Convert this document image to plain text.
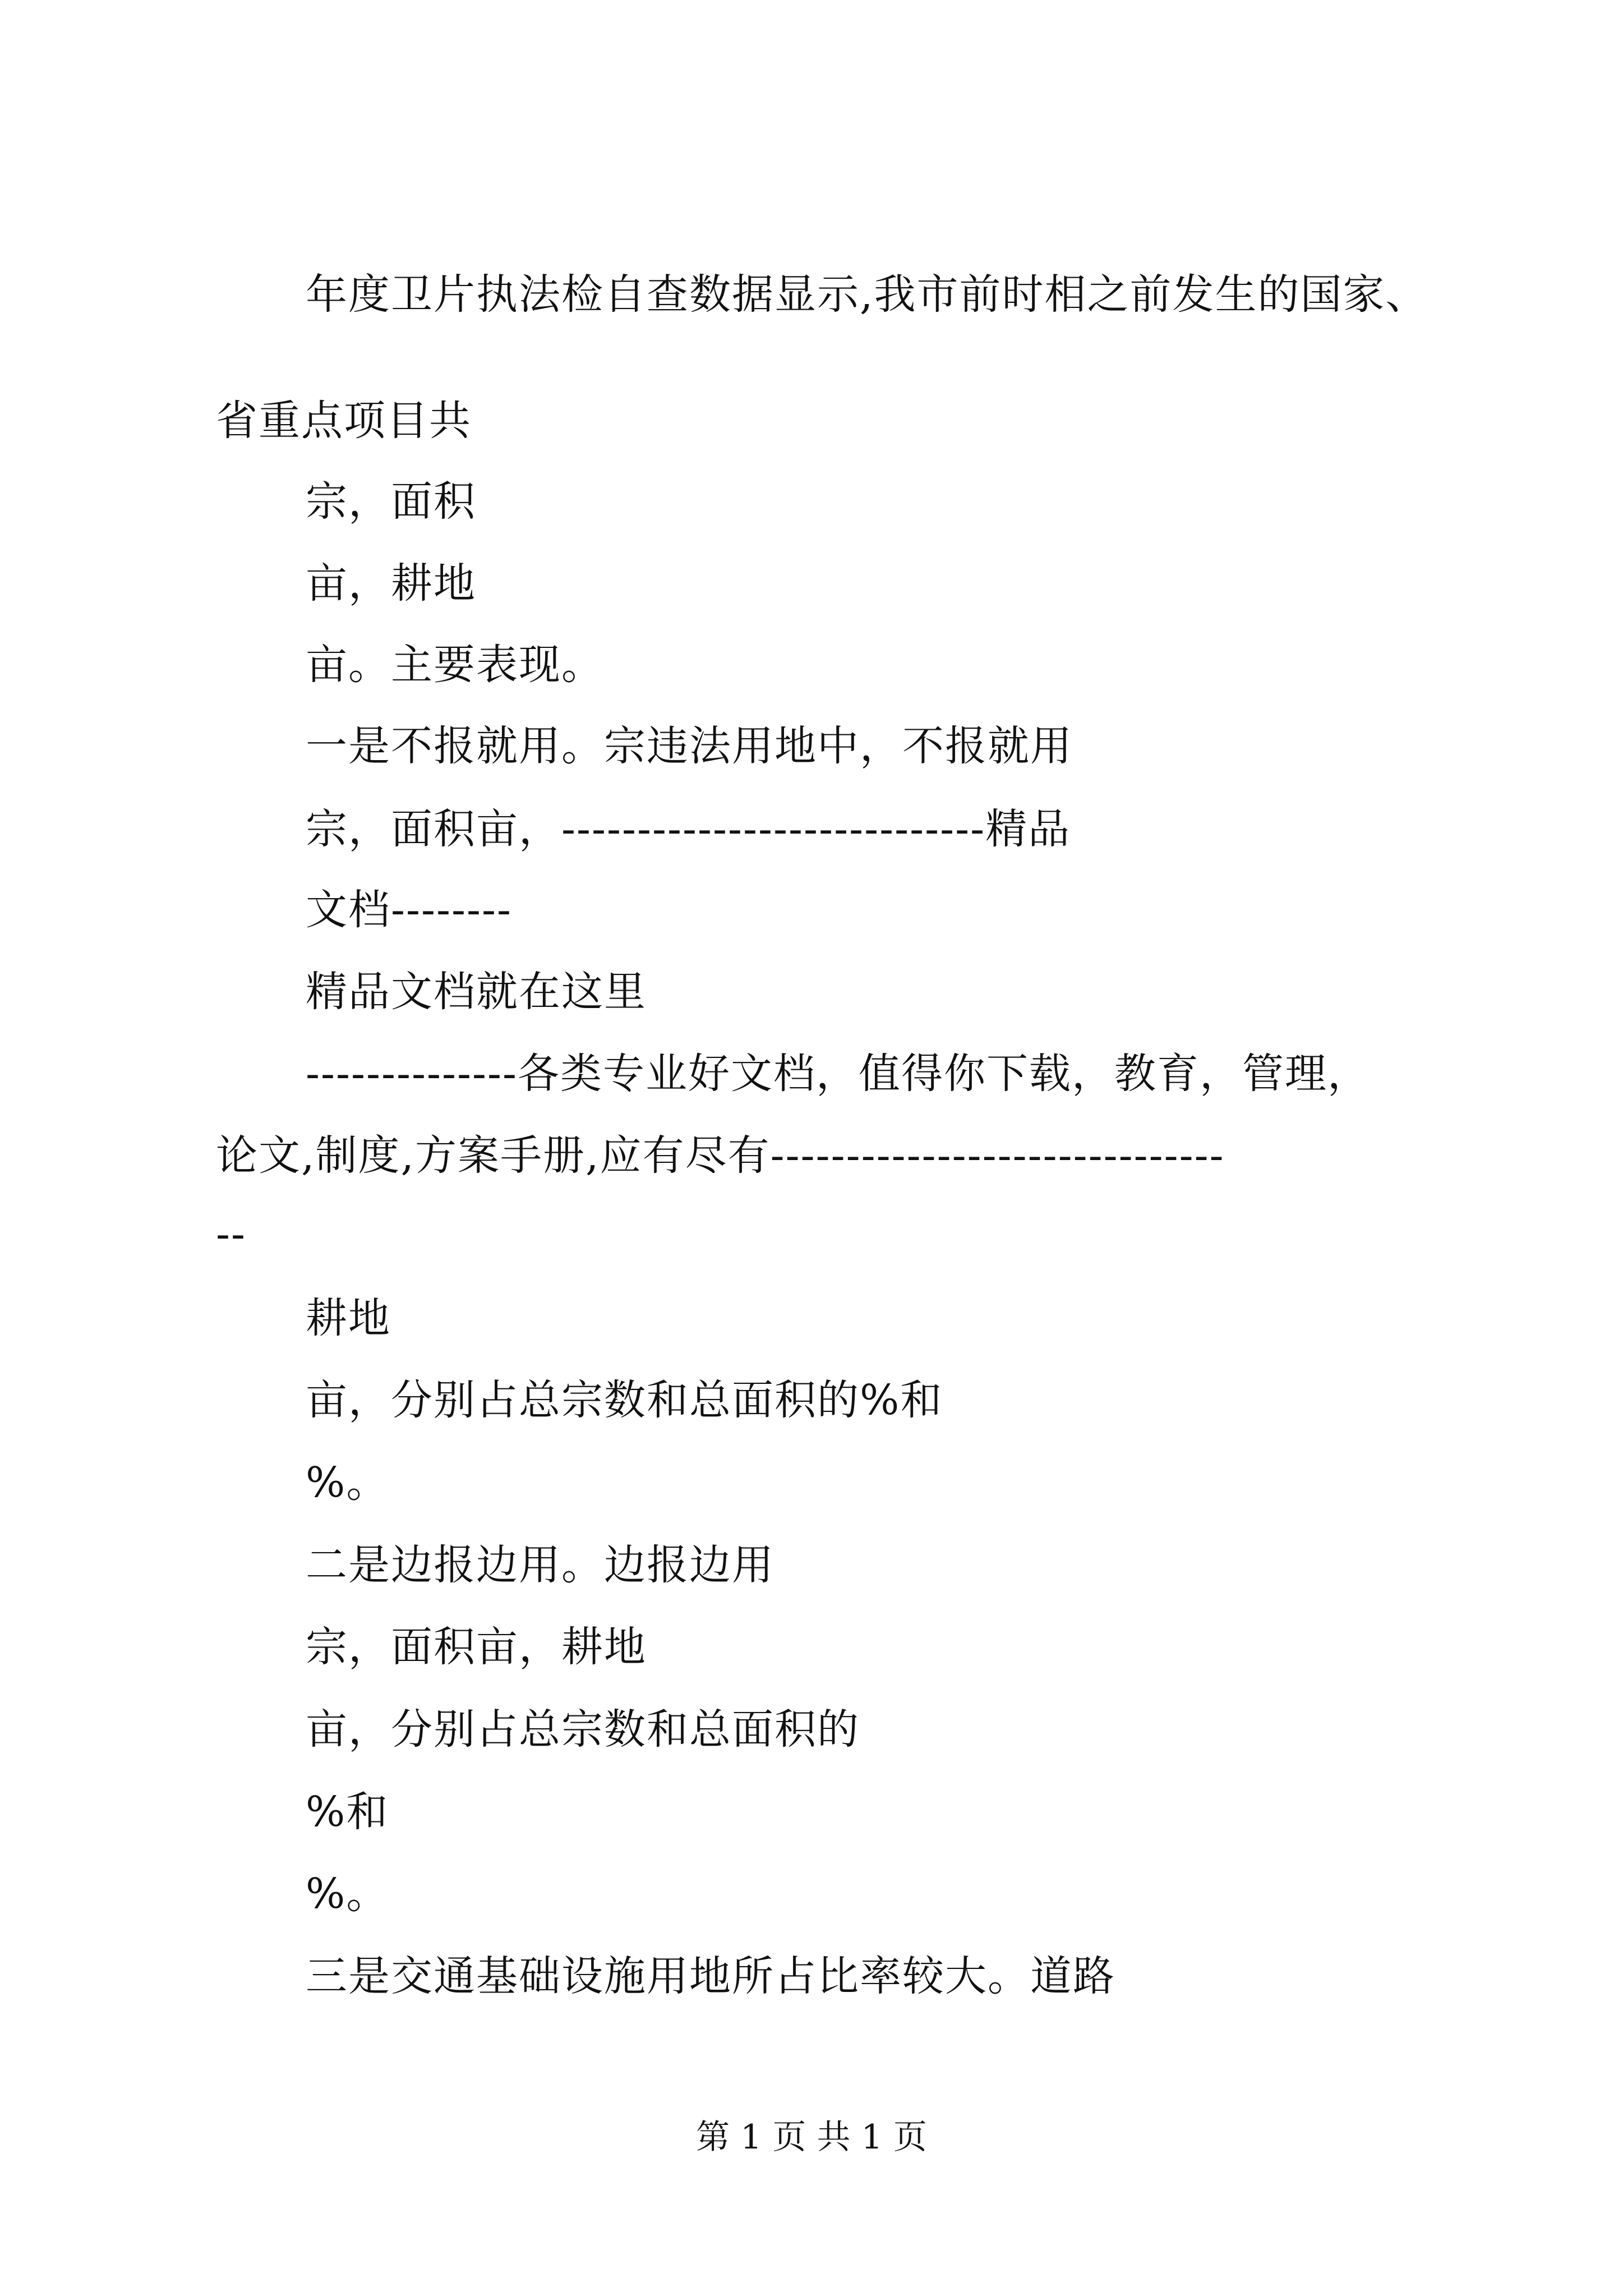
年度卫片执法检自查数据显示,我市前时相之前发生的国家、
省重点项目共
宗，面积
亩，耕地
亩。主要表现。
一是不报就用。宗违法用地中，不报就用
宗，面积亩，----------------------------精品
文档--------
精品文档就在这里
--------------各类专业好文档，值得你下载，教育，管理，
论文,制度,方案手册,应有尽有------------------------------
--
耕地
亩，分别占总宗数和总面积的%和
%。
二是边报边用。边报边用
宗，面积亩，耕地
亩，分别占总宗数和总面积的
%和
%。
三是交通基础设施用地所占比率较大。道路
第 1 页 共 1 页
